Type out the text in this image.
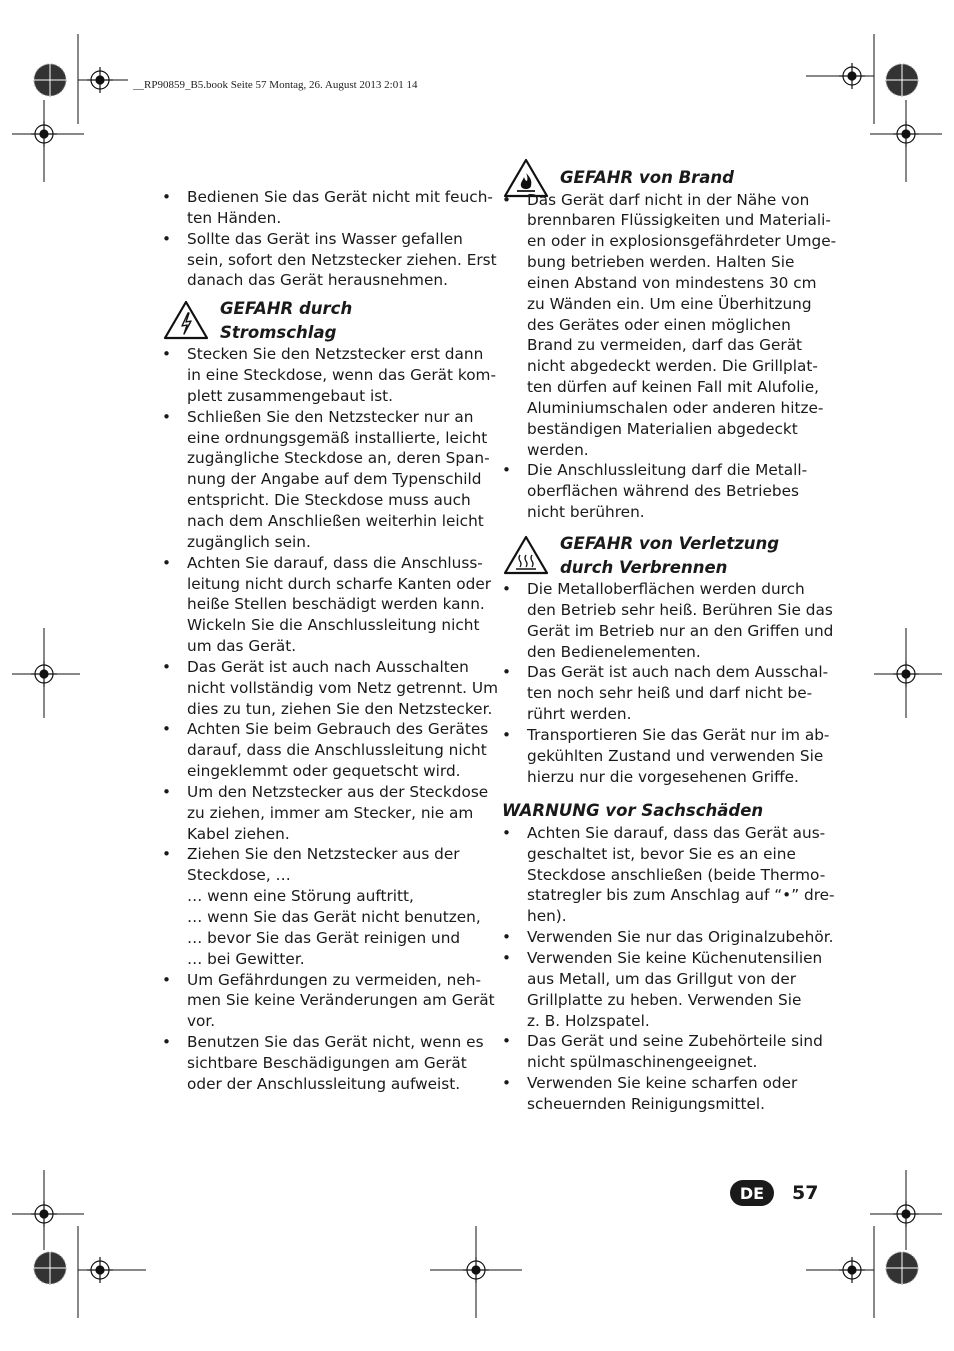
__RP90859_B5.book Seite 57 Montag, 26. August 2013 2:01 14
• Bedienen Sie das Gerät nicht mit feuch-
ten Händen.
• Sollte das Gerät ins Wasser gefallen
sein, sofort den Netzstecker ziehen. Erst
danach das Gerät herausnehmen.
GEFAHR durch
Stromschlag
• Stecken Sie den Netzstecker erst dann
in eine Steckdose, wenn das Gerät kom-
plett zusammengebaut ist.
• Schließen Sie den Netzstecker nur an
eine ordnungsgemäß installierte, leicht
zugängliche Steckdose an, deren Span-
nung der Angabe auf dem Typenschild
entspricht. Die Steckdose muss auch
nach dem Anschließen weiterhin leicht
zugänglich sein.
• Achten Sie darauf, dass die Anschluss-
leitung nicht durch scharfe Kanten oder
heiße Stellen beschädigt werden kann.
Wickeln Sie die Anschlussleitung nicht
um das Gerät.
• Das Gerät ist auch nach Ausschalten
nicht vollständig vom Netz getrennt. Um
dies zu tun, ziehen Sie den Netzstecker.
• Achten Sie beim Gebrauch des Gerätes
darauf, dass die Anschlussleitung nicht
eingeklemmt oder gequetscht wird.
• Um den Netzstecker aus der Steckdose
zu ziehen, immer am Stecker, nie am
Kabel ziehen.
• Ziehen Sie den Netzstecker aus der
Steckdose, …
… wenn eine Störung auftritt,
… wenn Sie das Gerät nicht benutzen,
… bevor Sie das Gerät reinigen und
… bei Gewitter.
• Um Gefährdungen zu vermeiden, neh-
men Sie keine Veränderungen am Gerät
vor.
• Benutzen Sie das Gerät nicht, wenn es
sichtbare Beschädigungen am Gerät
oder der Anschlussleitung aufweist.
GEFAHR von Brand
• Das Gerät darf nicht in der Nähe von
brennbaren Flüssigkeiten und Materiali-
en oder in explosionsgefährdeter Umge-
bung betrieben werden. Halten Sie
einen Abstand von mindestens 30 cm
zu Wänden ein. Um eine Überhitzung
des Gerätes oder einen möglichen
Brand zu vermeiden, darf das Gerät
nicht abgedeckt werden. Die Grillplat-
ten dürfen auf keinen Fall mit Alufolie,
Aluminiumschalen oder anderen hitze-
beständigen Materialien abgedeckt
werden.
• Die Anschlussleitung darf die Metall-
oberflächen während des Betriebes
nicht berühren.
GEFAHR von Verletzung
durch Verbrennen
• Die Metalloberflächen werden durch
den Betrieb sehr heiß. Berühren Sie das
Gerät im Betrieb nur an den Griffen und
den Bedienelementen.
• Das Gerät ist auch nach dem Ausschal-
ten noch sehr heiß und darf nicht be-
rührt werden.
• Transportieren Sie das Gerät nur im ab-
gekühlten Zustand und verwenden Sie
hierzu nur die vorgesehenen Griffe.
WARNUNG vor Sachschäden
• Achten Sie darauf, dass das Gerät aus-
geschaltet ist, bevor Sie es an eine
Steckdose anschließen (beide Thermo-
statregler bis zum Anschlag auf “•” dre-
hen).
• Verwenden Sie nur das Originalzubehör.
• Verwenden Sie keine Küchenutensilien
aus Metall, um das Grillgut von der
Grillplatte zu heben. Verwenden Sie
z. B. Holzspatel.
• Das Gerät und seine Zubehörteile sind
nicht spülmaschinengeeignet.
• Verwenden Sie keine scharfen oder
scheuernden Reinigungsmittel.
DE	57
